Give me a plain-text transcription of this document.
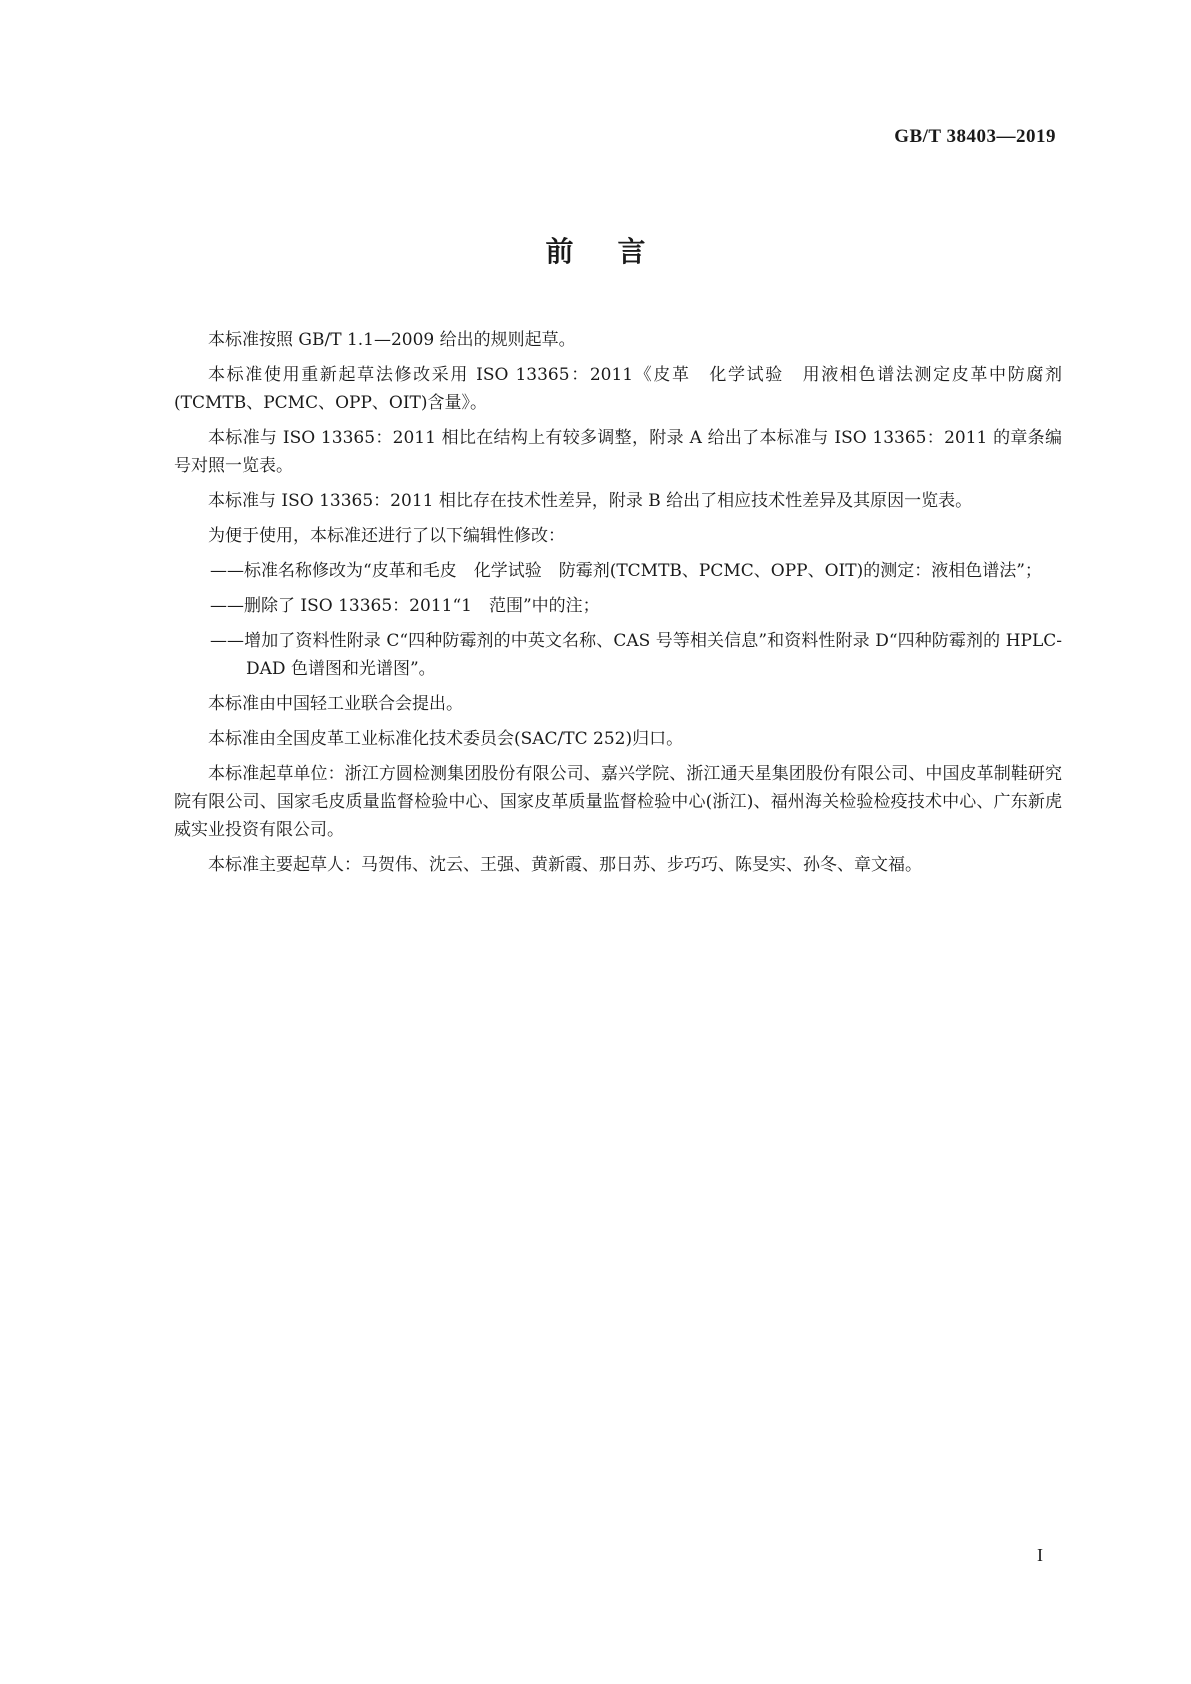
GB/T 38403—2019
前言

本标准按照 GB/T 1.1—2009 给出的规则起草。

本标准使用重新起草法修改采用 ISO 13365：2011《皮革　化学试验　用液相色谱法测定皮革中防腐剂(TCMTB、PCMC、OPP、OIT)含量》。

本标准与 ISO 13365：2011 相比在结构上有较多调整，附录 A 给出了本标准与 ISO 13365：2011 的章条编号对照一览表。

本标准与 ISO 13365：2011 相比存在技术性差异，附录 B 给出了相应技术性差异及其原因一览表。

为便于使用，本标准还进行了以下编辑性修改：

——标准名称修改为“皮革和毛皮　化学试验　防霉剂(TCMTB、PCMC、OPP、OIT)的测定：液相色谱法”；
——删除了 ISO 13365：2011“1　范围”中的注；
——增加了资料性附录 C“四种防霉剂的中英文名称、CAS 号等相关信息”和资料性附录 D“四种防霉剂的 HPLC-DAD 色谱图和光谱图”。

本标准由中国轻工业联合会提出。

本标准由全国皮革工业标准化技术委员会(SAC/TC 252)归口。

本标准起草单位：浙江方圆检测集团股份有限公司、嘉兴学院、浙江通天星集团股份有限公司、中国皮革制鞋研究院有限公司、国家毛皮质量监督检验中心、国家皮革质量监督检验中心(浙江)、福州海关检验检疫技术中心、广东新虎威实业投资有限公司。

本标准主要起草人：马贺伟、沈云、王强、黄新霞、那日苏、步巧巧、陈旻实、孙冬、章文福。

I
